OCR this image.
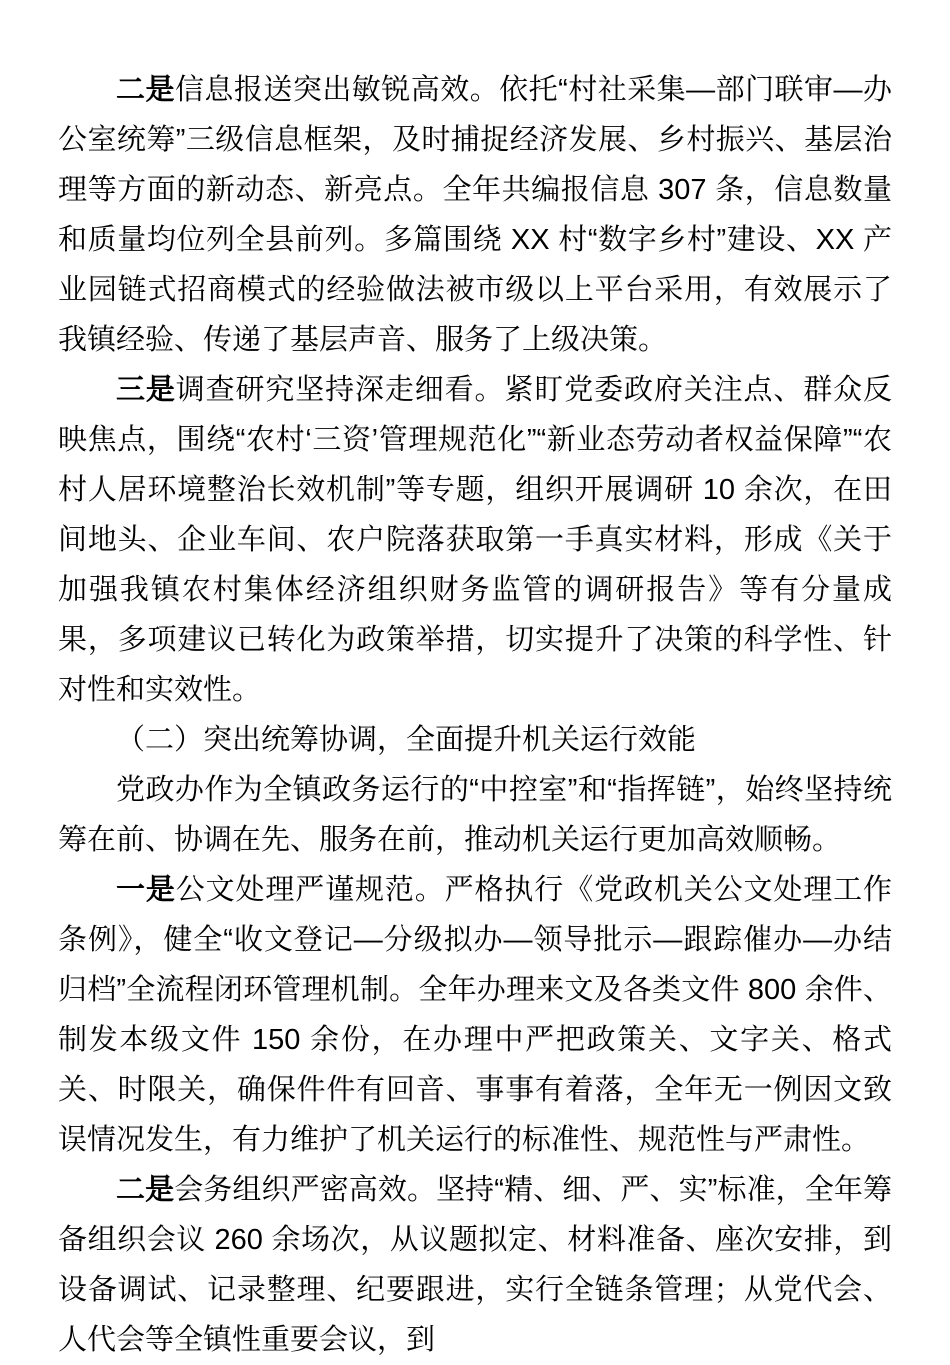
二是信息报送突出敏锐高效。依托“村社采集—部门联审—办公室统筹”三级信息框架，及时捕捉经济发展、乡村振兴、基层治理等方面的新动态、新亮点。全年共编报信息 307 条，信息数量和质量均位列全县前列。多篇围绕 XX 村“数字乡村”建设、XX 产业园链式招商模式的经验做法被市级以上平台采用，有效展示了我镇经验、传递了基层声音、服务了上级决策。

三是调查研究坚持深走细看。紧盯党委政府关注点、群众反映焦点，围绕“农村‘三资’管理规范化”“新业态劳动者权益保障”“农村人居环境整治长效机制”等专题，组织开展调研 10 余次，在田间地头、企业车间、农户院落获取第一手真实材料，形成《关于加强我镇农村集体经济组织财务监管的调研报告》等有分量成果，多项建议已转化为政策举措，切实提升了决策的科学性、针对性和实效性。

（二）突出统筹协调，全面提升机关运行效能

党政办作为全镇政务运行的“中控室”和“指挥链”，始终坚持统筹在前、协调在先、服务在前，推动机关运行更加高效顺畅。

一是公文处理严谨规范。严格执行《党政机关公文处理工作条例》，健全“收文登记—分级拟办—领导批示—跟踪催办—办结归档”全流程闭环管理机制。全年办理来文及各类文件 800 余件、制发本级文件 150 余份，在办理中严把政策关、文字关、格式关、时限关，确保件件有回音、事事有着落，全年无一例因文致误情况发生，有力维护了机关运行的标准性、规范性与严肃性。

二是会务组织严密高效。坚持“精、细、严、实”标准，全年筹备组织会议 260 余场次，从议题拟定、材料准备、座次安排，到设备调试、记录整理、纪要跟进，实行全链条管理；从党代会、人代会等全镇性重要会议，到
